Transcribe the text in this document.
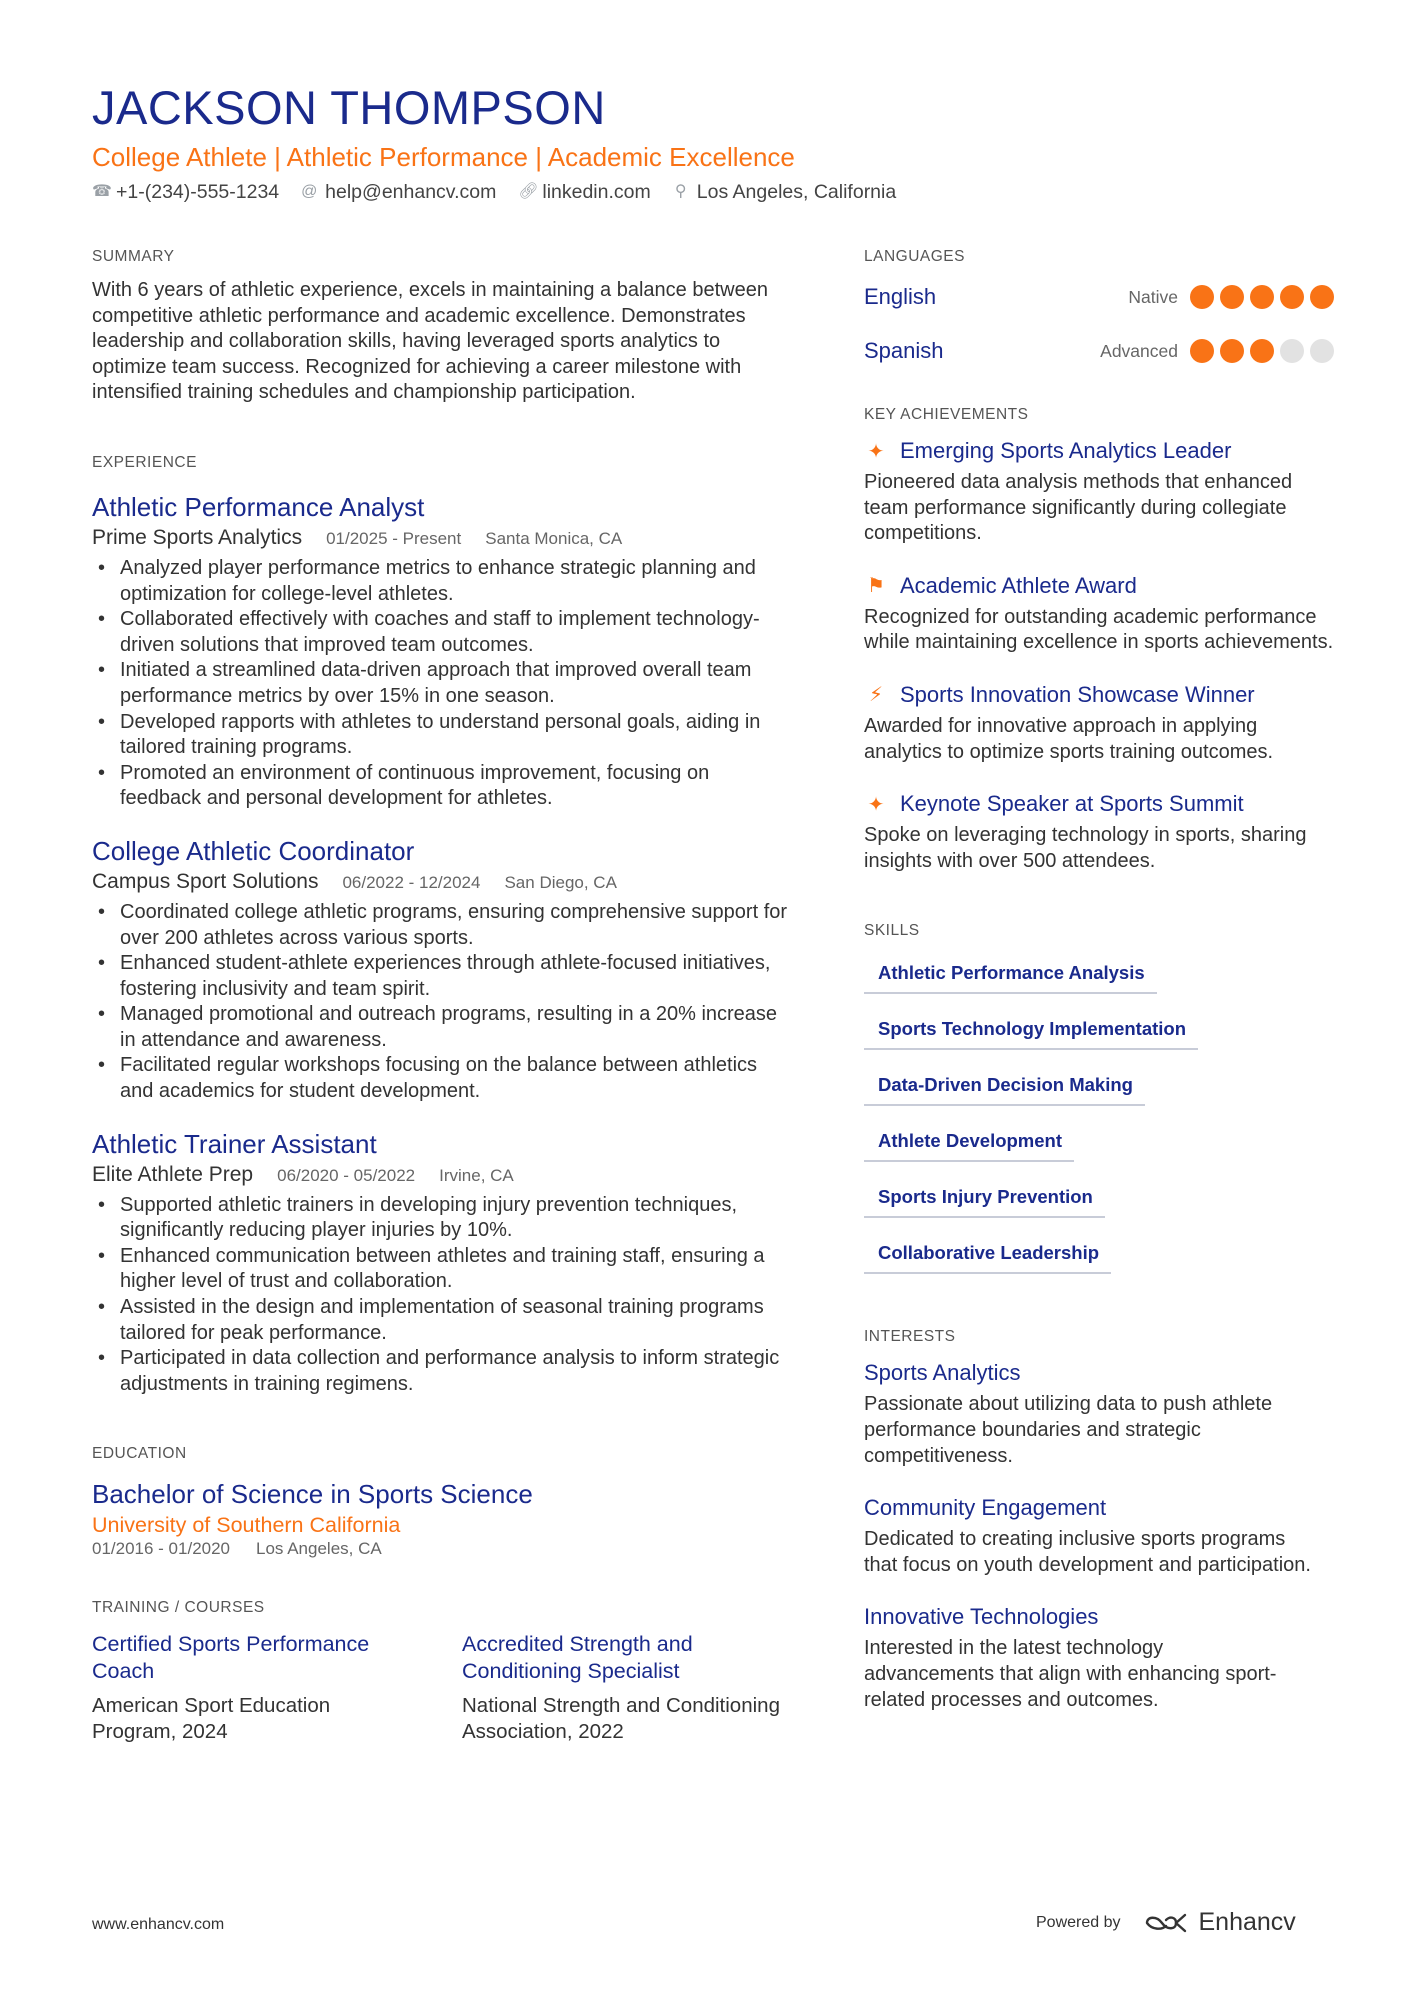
JACKSON THOMPSON
College Athlete | Athletic Performance | Academic Excellence
☎ +1-(234)-555-1234 @ help@enhancv.com 🔗︎ linkedin.com ⚲ Los Angeles, California
SUMMARY
With 6 years of athletic experience, excels in maintaining a balance between competitive athletic performance and academic excellence. Demonstrates leadership and collaboration skills, having leveraged sports analytics to optimize team success. Recognized for achieving a career milestone with intensified training schedules and championship participation.
EXPERIENCE
Athletic Performance Analyst
Prime Sports Analytics 01/2025 - Present Santa Monica, CA
• Analyzed player performance metrics to enhance strategic planning and optimization for college-level athletes.
• Collaborated effectively with coaches and staff to implement technology-driven solutions that improved team outcomes.
• Initiated a streamlined data-driven approach that improved overall team performance metrics by over 15% in one season.
• Developed rapports with athletes to understand personal goals, aiding in tailored training programs.
• Promoted an environment of continuous improvement, focusing on feedback and personal development for athletes.
College Athletic Coordinator
Campus Sport Solutions 06/2022 - 12/2024 San Diego, CA
• Coordinated college athletic programs, ensuring comprehensive support for over 200 athletes across various sports.
• Enhanced student-athlete experiences through athlete-focused initiatives, fostering inclusivity and team spirit.
• Managed promotional and outreach programs, resulting in a 20% increase in attendance and awareness.
• Facilitated regular workshops focusing on the balance between athletics and academics for student development.
Athletic Trainer Assistant
Elite Athlete Prep 06/2020 - 05/2022 Irvine, CA
• Supported athletic trainers in developing injury prevention techniques, significantly reducing player injuries by 10%.
• Enhanced communication between athletes and training staff, ensuring a higher level of trust and collaboration.
• Assisted in the design and implementation of seasonal training programs tailored for peak performance.
• Participated in data collection and performance analysis to inform strategic adjustments in training regimens.
EDUCATION
Bachelor of Science in Sports Science
University of Southern California
01/2016 - 01/2020 Los Angeles, CA
TRAINING / COURSES
Certified Sports Performance Coach
American Sport Education Program, 2024
Accredited Strength and Conditioning Specialist
National Strength and Conditioning Association, 2022
LANGUAGES
English	Native
Spanish	Advanced
KEY ACHIEVEMENTS
✦ Emerging Sports Analytics Leader
Pioneered data analysis methods that enhanced team performance significantly during collegiate competitions.
⚑ Academic Athlete Award
Recognized for outstanding academic performance while maintaining excellence in sports achievements.
⚡︎ Sports Innovation Showcase Winner
Awarded for innovative approach in applying analytics to optimize sports training outcomes.
✦ Keynote Speaker at Sports Summit
Spoke on leveraging technology in sports, sharing insights with over 500 attendees.
SKILLS
Athletic Performance Analysis
Sports Technology Implementation
Data-Driven Decision Making
Athlete Development
Sports Injury Prevention
Collaborative Leadership
INTERESTS
Sports Analytics
Passionate about utilizing data to push athlete performance boundaries and strategic competitiveness.
Community Engagement
Dedicated to creating inclusive sports programs that focus on youth development and participation.
Innovative Technologies
Interested in the latest technology advancements that align with enhancing sport-related processes and outcomes.
www.enhancv.com	Powered by	Enhancv
